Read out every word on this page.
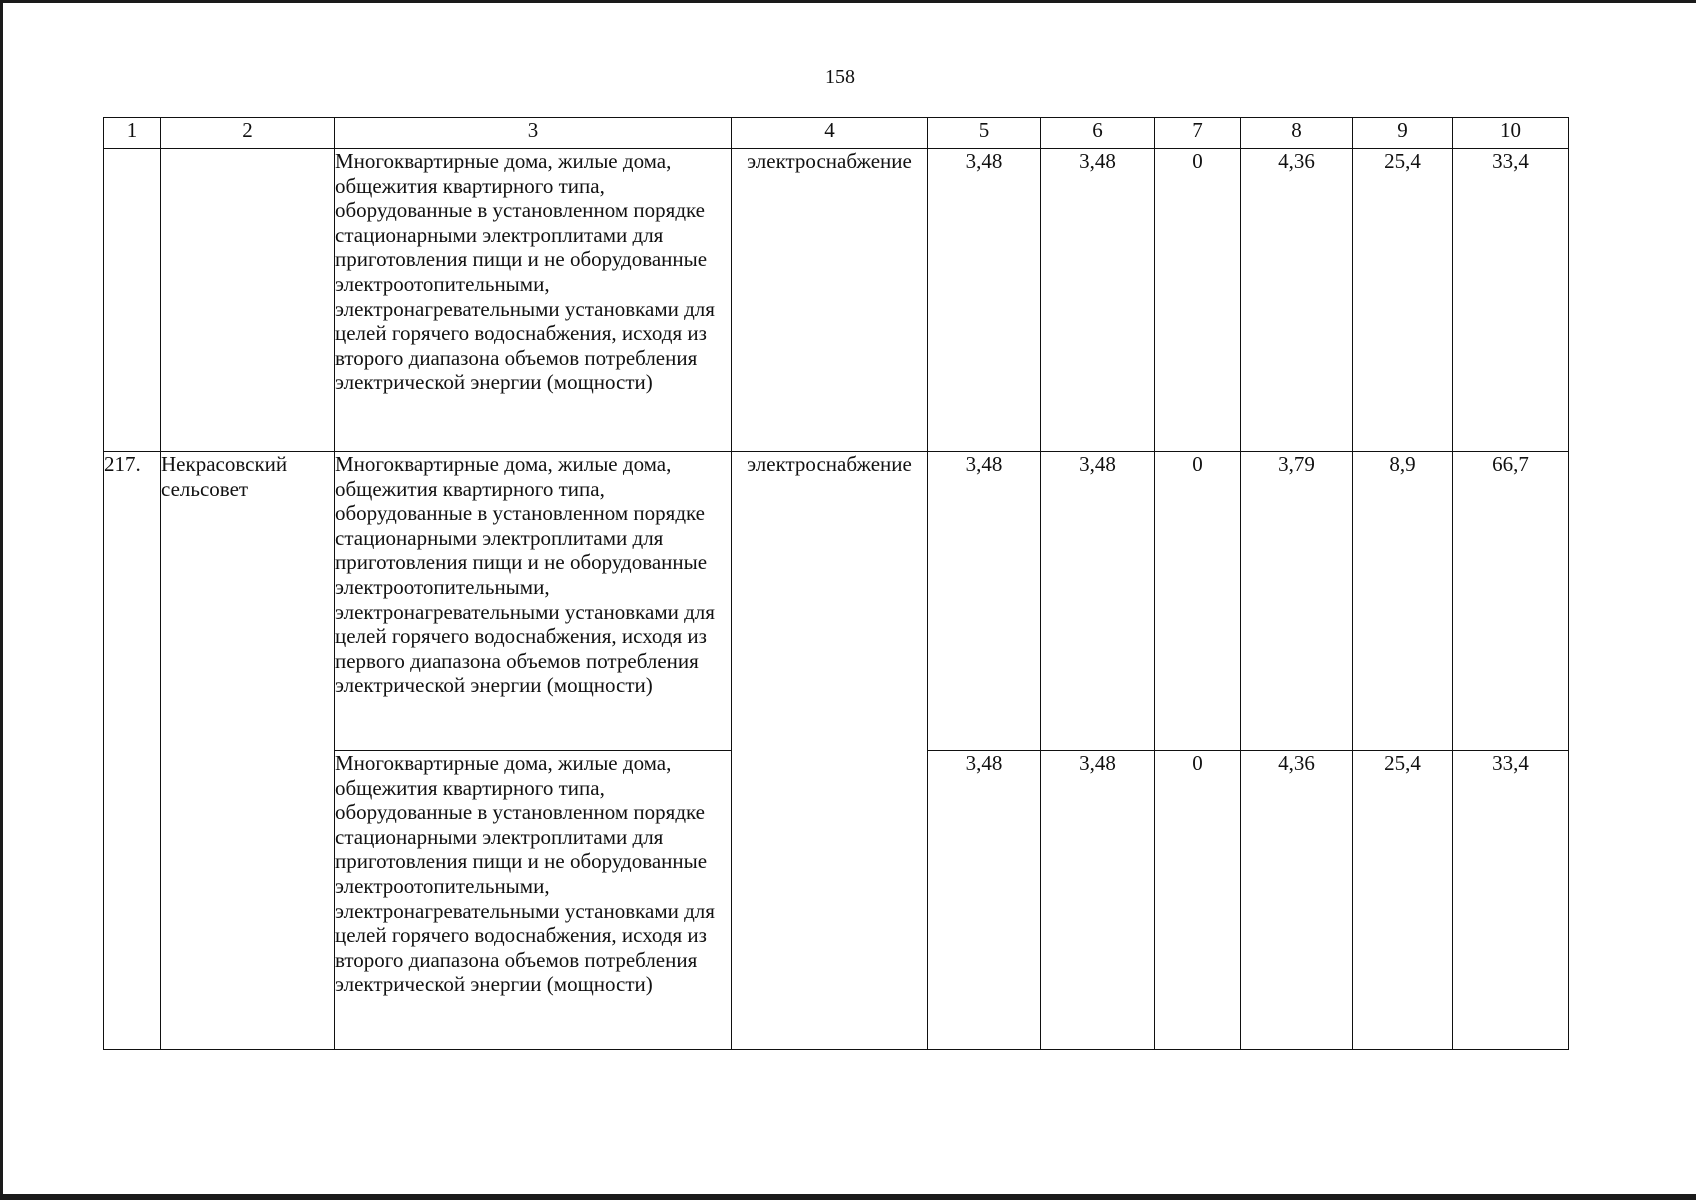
158
1	2	3	4	5	6	7	8	9	10
		Многоквартирные дома, жилые дома, общежития квартирного типа, оборудованные в установленном порядке стационарными электроплитами для приготовления пищи и не оборудованные электроотопительными, электронагревательными установками для целей горячего водоснабжения, исходя из второго диапазона объемов потребления электрической энергии (мощности)	электроснабжение	3,48	3,48	0	4,36	25,4	33,4
217.	Некрасовский сельсовет	Многоквартирные дома, жилые дома, общежития квартирного типа, оборудованные в установленном порядке стационарными электроплитами для приготовления пищи и не оборудованные электроотопительными, электронагревательными установками для целей горячего водоснабжения, исходя из первого диапазона объемов потребления электрической энергии (мощности)	электроснабжение	3,48	3,48	0	3,79	8,9	66,7
		Многоквартирные дома, жилые дома, общежития квартирного типа, оборудованные в установленном порядке стационарными электроплитами для приготовления пищи и не оборудованные электроотопительными, электронагревательными установками для целей горячего водоснабжения, исходя из второго диапазона объемов потребления электрической энергии (мощности)		3,48	3,48	0	4,36	25,4	33,4
